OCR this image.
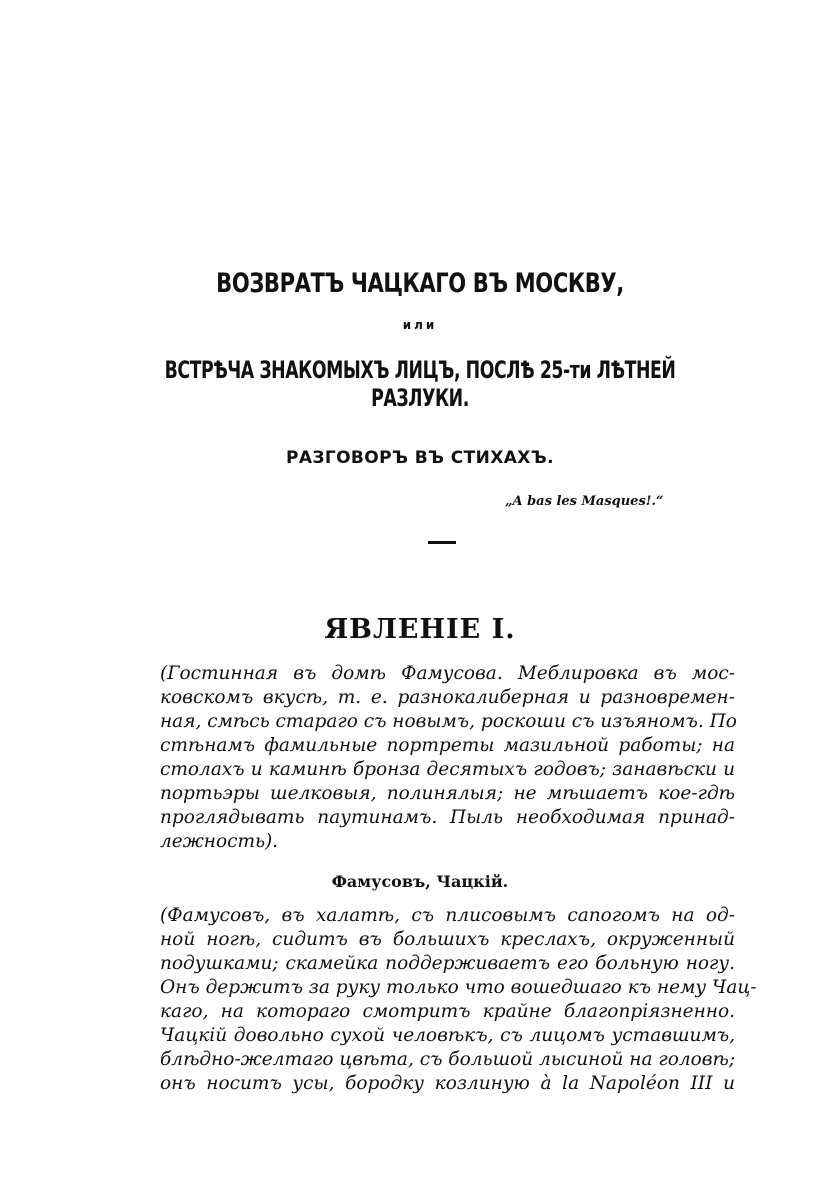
ВОЗВРАТЪ ЧАЦКАГО ВЪ МОСКВУ,
или
ВСТРѢЧА ЗНАКОМЫХЪ ЛИЦЪ, ПОСЛѢ 25-ти ЛѢТНЕЙ РАЗЛУКИ.
РАЗГОВОРЪ ВЪ СТИХАХЪ.
„A bas les Masques!.“
ЯВЛЕНIЕ I.
(Гостинная въ домѣ Фамусова. Меблировка въ мос-
ковскомъ вкусѣ, т. е. разнокалиберная и разновремен-
ная, смѣсь стараго съ новымъ, роскоши съ изъяномъ. По
стѣнамъ фамильные портреты мазильной работы; на
столахъ и каминѣ бронза десятыхъ годовъ; занавѣски и
портьэры шелковыя, полинялыя; не мѣшаетъ кое-гдѣ
проглядывать паутинамъ. Пыль необходимая принад-
лежность).
Фамусовъ, Чацкiй.
(Фамусовъ, въ халатѣ, съ плисовымъ сапогомъ на од-
ной ногѣ, сидитъ въ большихъ креслахъ, окруженный
подушками; скамейка поддерживаетъ его больную ногу.
Онъ держитъ за руку только что вошедшаго къ нему Чац-
каго, на котораго смотритъ крайне благопрiязненно.
Чацкiй довольно сухой человѣкъ, съ лицомъ уставшимъ,
блѣдно-желтаго цвѣта, съ большой лысиной на головѣ;
онъ носитъ усы, бородку козлиную à la Napoléon III и
